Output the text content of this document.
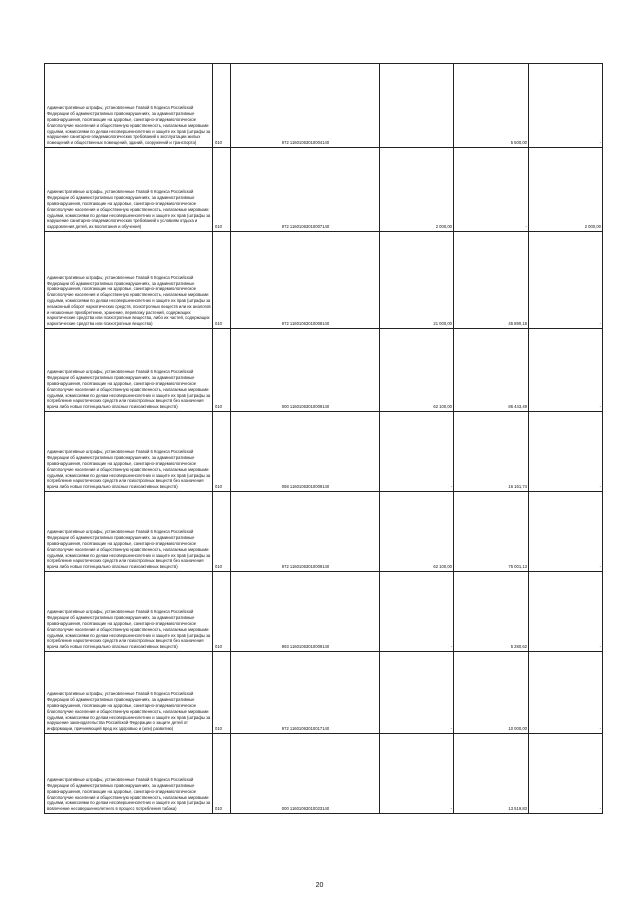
Административные штрафы, установленные Главой 6 Кодекса Российской Федерации об административных правонарушениях, за административные правонарушения, посягающие на здоровье, санитарно-эпидемиологическое благополучие населения и общественную нравственность, налагаемые мировыми судьями, комиссиями по делам несовершеннолетних и защите их прав (штрафы за нарушение санитарно-эпидемиологических требований к эксплуатации жилых помещений и общественных помещений, зданий, сооружений и транспорта)	010	972 11601063010004140		5 500,00	-

Административные штрафы, установленные Главой 6 Кодекса Российской Федерации об административных правонарушениях, за административные правонарушения, посягающие на здоровье, санитарно-эпидемиологическое благополучие населения и общественную нравственность, налагаемые мировыми судьями, комиссиями по делам несовершеннолетних и защите их прав (штрафы за нарушение санитарно-эпидемиологических требований к условиям отдыха и оздоровления детей, их воспитания и обучения)	010	972 11601063010007140	2 000,00	-	2 000,00

Административные штрафы, установленные Главой 6 Кодекса Российской Федерации об административных правонарушениях, за административные правонарушения, посягающие на здоровье, санитарно-эпидемиологическое благополучие населения и общественную нравственность, налагаемые мировыми судьями, комиссиями по делам несовершеннолетних и защите их прав (штрафы за незаконный оборот наркотических средств, психотропных веществ или их аналогов и незаконные приобретение, хранение, перевозку растений, содержащих наркотические средства или психотропные вещества, либо их частей, содержащих наркотические средства или психотропные вещества)	010	972 11601063010008140	21 000,00	45 890,18	-

Административные штрафы, установленные Главой 6 Кодекса Российской Федерации об административных правонарушениях, за административные правонарушения, посягающие на здоровье, санитарно-эпидемиологическое благополучие населения и общественную нравственность, налагаемые мировыми судьями, комиссиями по делам несовершеннолетних и защите их прав (штрафы за потребление наркотических средств или психотропных веществ без назначения врача либо новых потенциально опасных психоактивных веществ)	010	000 11601063010009140	62 100,00	86 443,49	-

Административные штрафы, установленные Главой 6 Кодекса Российской Федерации об административных правонарушениях, за административные правонарушения, посягающие на здоровье, санитарно-эпидемиологическое благополучие населения и общественную нравственность, налагаемые мировыми судьями, комиссиями по делам несовершеннолетних и защите их прав (штрафы за потребление наркотических средств или психотропных веществ без назначения врача либо новых потенциально опасных психоактивных веществ)	010	068 11601063010009140	-	16 161,74	-

Административные штрафы, установленные Главой 6 Кодекса Российской Федерации об административных правонарушениях, за административные правонарушения, посягающие на здоровье, санитарно-эпидемиологическое благополучие населения и общественную нравственность, налагаемые мировыми судьями, комиссиями по делам несовершеннолетних и защите их прав (штрафы за потребление наркотических средств или психотропных веществ без назначения врача либо новых потенциально опасных психоактивных веществ)	010	972 11601063010009140	62 100,00	75 001,13	-

Административные штрафы, установленные Главой 6 Кодекса Российской Федерации об административных правонарушениях, за административные правонарушения, посягающие на здоровье, санитарно-эпидемиологическое благополучие населения и общественную нравственность, налагаемые мировыми судьями, комиссиями по делам несовершеннолетних и защите их прав (штрафы за потребление наркотических средств или психотропных веществ без назначения врача либо новых потенциально опасных психоактивных веществ)	010	993 11601063010009140	-	5 280,62	-

Административные штрафы, установленные Главой 6 Кодекса Российской Федерации об административных правонарушениях, за административные правонарушения, посягающие на здоровье, санитарно-эпидемиологическое благополучие населения и общественную нравственность, налагаемые мировыми судьями, комиссиями по делам несовершеннолетних и защите их прав (штрафы за нарушение законодательства Российской Федерации о защите детей от информации, причиняющей вред их здоровью и (или) развитию)	010	972 11601063010017140	-	10 000,00	-

Административные штрафы, установленные Главой 6 Кодекса Российской Федерации об административных правонарушениях, за административные правонарушения, посягающие на здоровье, санитарно-эпидемиологическое благополучие населения и общественную нравственность, налагаемые мировыми судьями, комиссиями по делам несовершеннолетних и защите их прав (штрафы за вовлечение несовершеннолетнего в процесс потребления табака)	010	000 11601063010023140	-	13 519,83	-
20
